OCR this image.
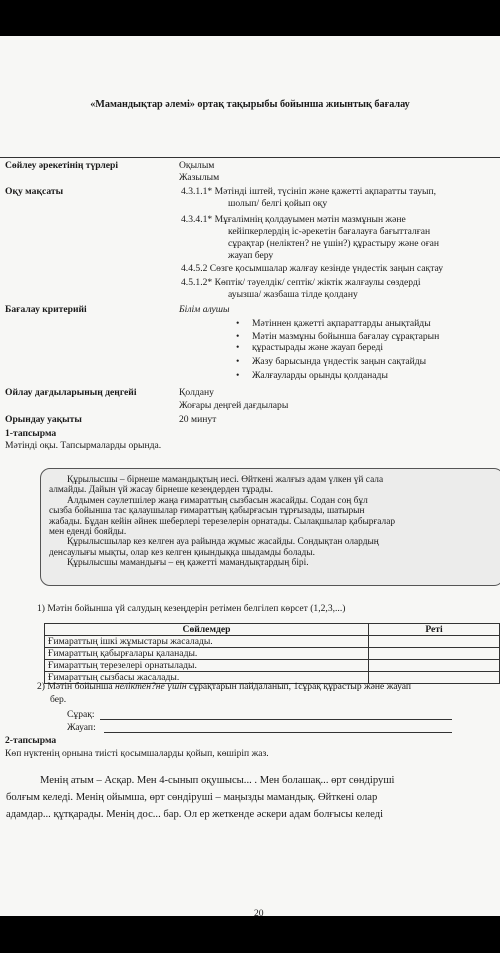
«Мамандықтар әлемі» ортақ тақырыбы бойынша жиынтық бағалау
Сөйлеу әрекетінің түрлері	Оқылым
Жазылым
Оқу мақсаты	4.3.1.1* Мәтінді іштей, түсініп және қажетті ақпаратты тауып,
шолып/ белгі қойып оқу
4.3.4.1* Мұғалімнің қолдауымен мәтін мазмұнын және
кейіпкерлердің іс-әрекетін бағалауға бағытталған
сұрақтар (неліктен? не үшін?) құрастыру және оған
жауап беру
4.4.5.2 Сөзге қосымшалар жалғау кезінде үндестік заңын сақтау
4.5.1.2* Көптік/ тәуелдік/ септік/ жіктік жалғаулы сөздерді
ауызша/ жазбаша тілде қолдану
Бағалау критерийі	Білім алушы
• Мәтіннен қажетті ақпараттарды анықтайды
• Мәтін мазмұны бойынша бағалау сұрақтарын
• құрастырады және жауап береді
• Жазу барысында үндестік заңын сақтайды
• Жалғауларды орынды қолданады
Ойлау дағдыларының деңгейі	Қолдану
Жоғары деңгей дағдылары
Орындау уақыты	20 минут
1-тапсырма
Мәтінді оқы. Тапсырмаларды орында.

Құрылысшы – бірнеше мамандықтың иесі. Өйткені жалғыз адам үлкен үй сала

алмайды. Дайын үй жасау бірнеше кезеңдерден тұрады.

Алдымен сәулетшілер жаңа ғимараттың сызбасын жасайды. Содан соң бұл

сызба бойынша тас қалаушылар ғимараттың қабырғасын тұрғызады, шатырын

жабады. Бұдан кейін әйнек шеберлері терезелерін орнатады. Сылақшылар қабырғалар

мен еденді бояйды.

Құрылысшылар кез келген ауа райында жұмыс жасайды. Сондықтан олардың

денсаулығы мықты, олар кез келген қиындыққа шыдамды болады.

Құрылысшы мамандығы – ең қажетті мамандықтардың бірі.

1) Мәтін бойынша үй салудың кезеңдерін ретімен белгілеп көрсет (1,2,3,...)
Сөйлемдер	Реті
Ғимараттың ішкі жұмыстары жасалады.	
Ғимараттың қабырғалары қаланады.	
Ғимараттың терезелері орнатылады.	
Ғимараттың сызбасы жасалады.	
2) Мәтін бойынша неліктен?не үшін сұрақтарын пайдаланып, 1сұрақ құрастыр және жауап
бер.
Сұрақ:
Жауап:
2-тапсырма
Көп нүктенің орнына тиісті қосымшаларды қойып, көшіріп жаз.
Менің атым – Асқар. Мен 4-сынып оқушысы... . Мен болашақ... өрт сөндіруші
болғым келеді. Менің ойымша, өрт сөндіруші – маңызды мамандық. Өйткені олар
адамдар... құтқарады. Менің дос... бар. Ол ер жеткенде әскери адам болғысы келеді
20
